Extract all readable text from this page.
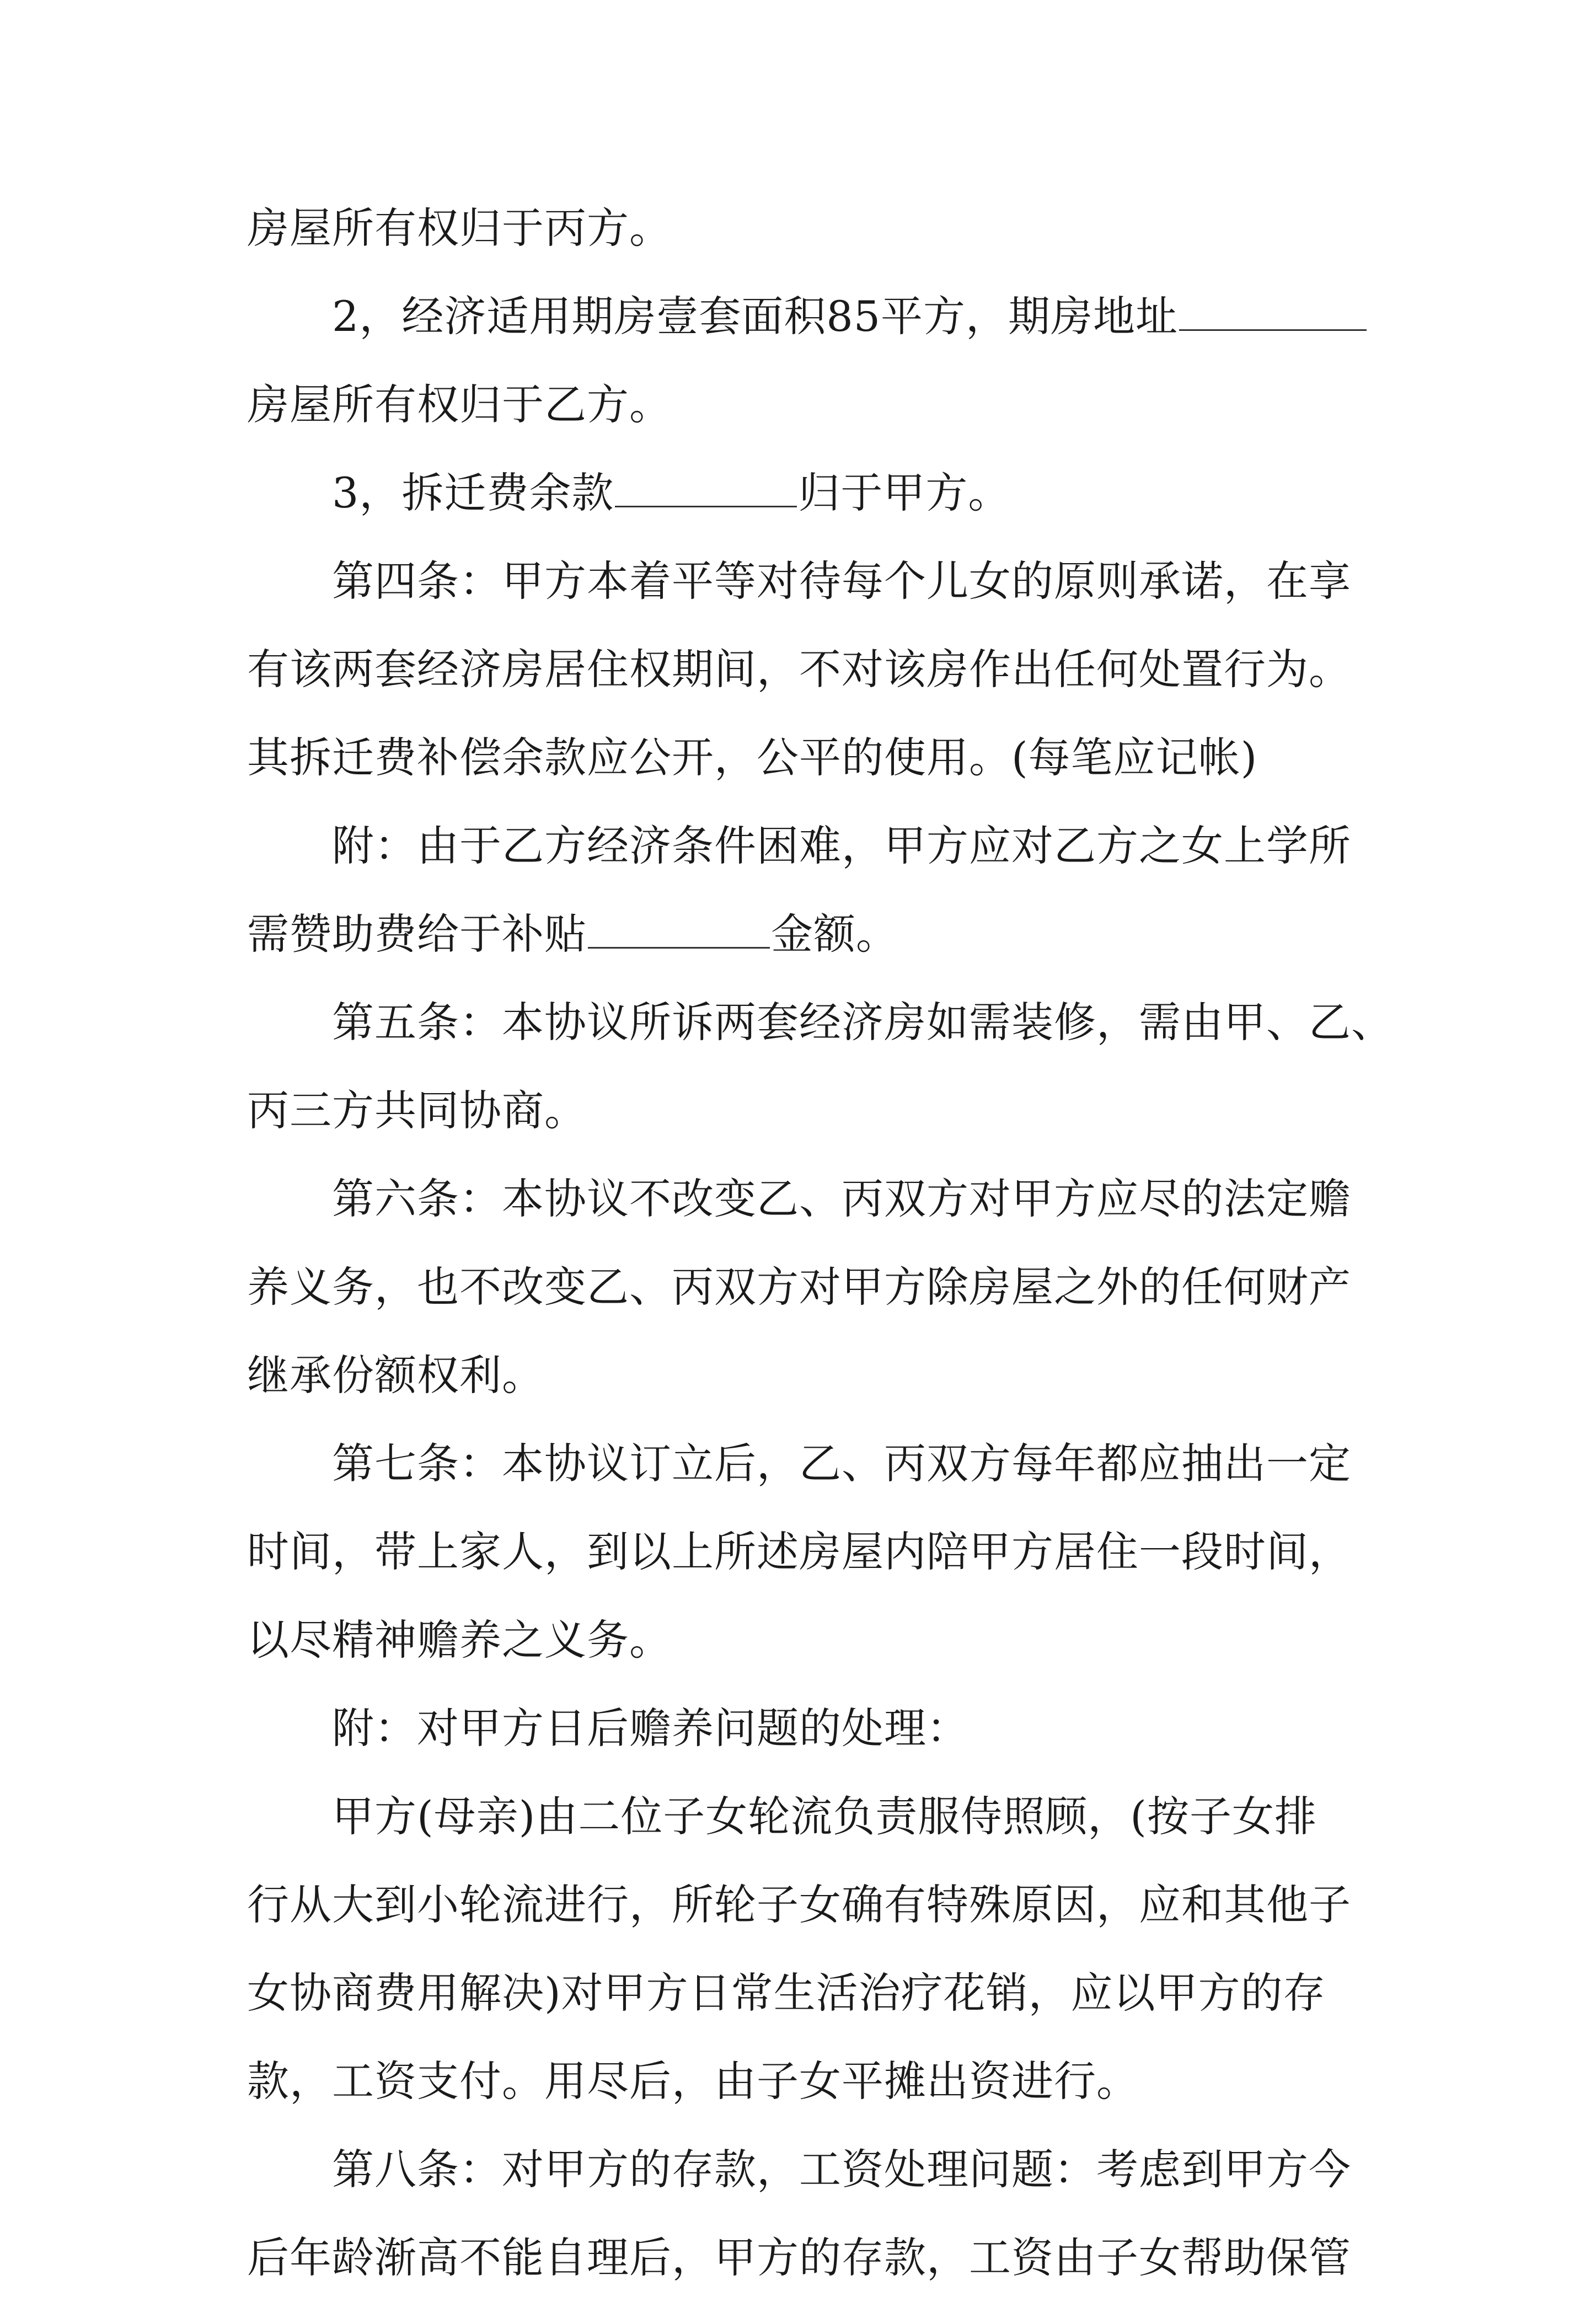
房屋所有权归于丙方。
2，经济适用期房壹套面积85平方，期房地址
房屋所有权归于乙方。
3，拆迁费余款	归于甲方。
第四条：甲方本着平等对待每个儿女的原则承诺，在享
有该两套经济房居住权期间，不对该房作出任何处置行为。
其拆迁费补偿余款应公开，公平的使用。(每笔应记帐)
附：由于乙方经济条件困难，甲方应对乙方之女上学所
需赞助费给于补贴	金额。
第五条：本协议所诉两套经济房如需装修，需由甲、乙、
丙三方共同协商。
第六条：本协议不改变乙、丙双方对甲方应尽的法定赡
养义务，也不改变乙、丙双方对甲方除房屋之外的任何财产
继承份额权利。
第七条：本协议订立后，乙、丙双方每年都应抽出一定
时间，带上家人，到以上所述房屋内陪甲方居住一段时间，
以尽精神赡养之义务。
附：对甲方日后赡养问题的处理：
甲方(母亲)由二位子女轮流负责服侍照顾，(按子女排
行从大到小轮流进行，所轮子女确有特殊原因，应和其他子
女协商费用解决)对甲方日常生活治疗花销，应以甲方的存
款，工资支付。用尽后，由子女平摊出资进行。
第八条：对甲方的存款，工资处理问题：考虑到甲方今
后年龄渐高不能自理后，甲方的存款，工资由子女帮助保管
